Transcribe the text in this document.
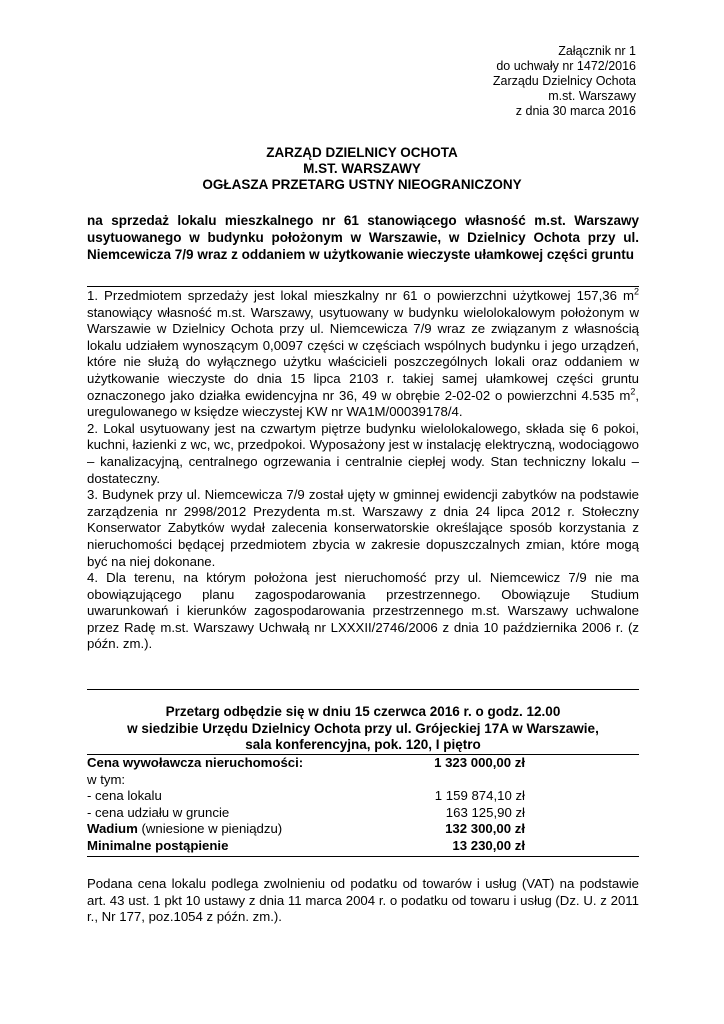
Załącznik nr 1
do uchwały nr 1472/2016
Zarządu Dzielnicy Ochota
m.st. Warszawy
z dnia 30 marca 2016
ZARZĄD DZIELNICY OCHOTA
M.ST. WARSZAWY
OGŁASZA PRZETARG USTNY NIEOGRANICZONY
na sprzedaż lokalu mieszkalnego nr 61 stanowiącego własność m.st. Warszawy usytuowanego w budynku położonym w Warszawie, w Dzielnicy Ochota przy ul. Niemcewicza 7/9 wraz z oddaniem w użytkowanie wieczyste ułamkowej części gruntu

1. Przedmiotem sprzedaży jest lokal mieszkalny nr 61 o powierzchni użytkowej 157,36 $m^2$ stanowiący własność m.st. Warszawy, usytuowany w budynku wielolokalowym położonym w Warszawie w Dzielnicy Ochota przy ul. Niemcewicza 7/9 wraz ze związanym z własnością lokalu udziałem wynoszącym 0,0097 części w częściach wspólnych budynku i jego urządzeń, które nie służą do wyłącznego użytku właścicieli poszczególnych lokali oraz oddaniem w użytkowanie wieczyste do dnia 15 lipca 2103 r. takiej samej ułamkowej części gruntu oznaczonego jako działka ewidencyjna nr 36, 49 w obrębie 2-02-02 o powierzchni 4.535 $m^2$, uregulowanego w księdze wieczystej KW nr WA1M/00039178/4.

2. Lokal usytuowany jest na czwartym piętrze budynku wielolokalowego, składa się 6 pokoi, kuchni, łazienki z wc, wc, przedpokoi. Wyposażony jest w instalację elektryczną, wodociągowo – kanalizacyjną, centralnego ogrzewania i centralnie ciepłej wody. Stan techniczny lokalu – dostateczny.

3. Budynek przy ul. Niemcewicza 7/9 został ujęty w gminnej ewidencji zabytków na podstawie zarządzenia nr 2998/2012 Prezydenta m.st. Warszawy z dnia 24 lipca 2012 r. Stołeczny Konserwator Zabytków wydał zalecenia konserwatorskie określające sposób korzystania z nieruchomości będącej przedmiotem zbycia w zakresie dopuszczalnych zmian, które mogą być na niej dokonane.

4. Dla terenu, na którym położona jest nieruchomość przy ul. Niemcewicz 7/9 nie ma obowiązującego planu zagospodarowania przestrzennego. Obowiązuje Studium uwarunkowań i kierunków zagospodarowania przestrzennego m.st. Warszawy uchwalone przez Radę m.st. Warszawy Uchwałą nr LXXXII/2746/2006 z dnia 10 października 2006 r. (z późn. zm.).

Przetarg odbędzie się w dniu 15 czerwca 2016 r. o godz. 12.00
w siedzibie Urzędu Dzielnicy Ochota przy ul. Grójeckiej 17A w Warszawie,
sala konferencyjna, pok. 120, I piętro
Cena wywoławcza nieruchomości:	1 323 000,00 zł
w tym:	
- cena lokalu	1 159 874,10 zł
- cena udziału w gruncie	163 125,90 zł
Wadium (wniesione w pieniądzu)	132 300,00 zł
Minimalne postąpienie	13 230,00 zł
Podana cena lokalu podlega zwolnieniu od podatku od towarów i usług (VAT) na podstawie art. 43 ust. 1 pkt 10 ustawy z dnia 11 marca 2004 r. o podatku od towaru i usług (Dz. U. z 2011 r., Nr 177, poz.1054 z późn. zm.).
